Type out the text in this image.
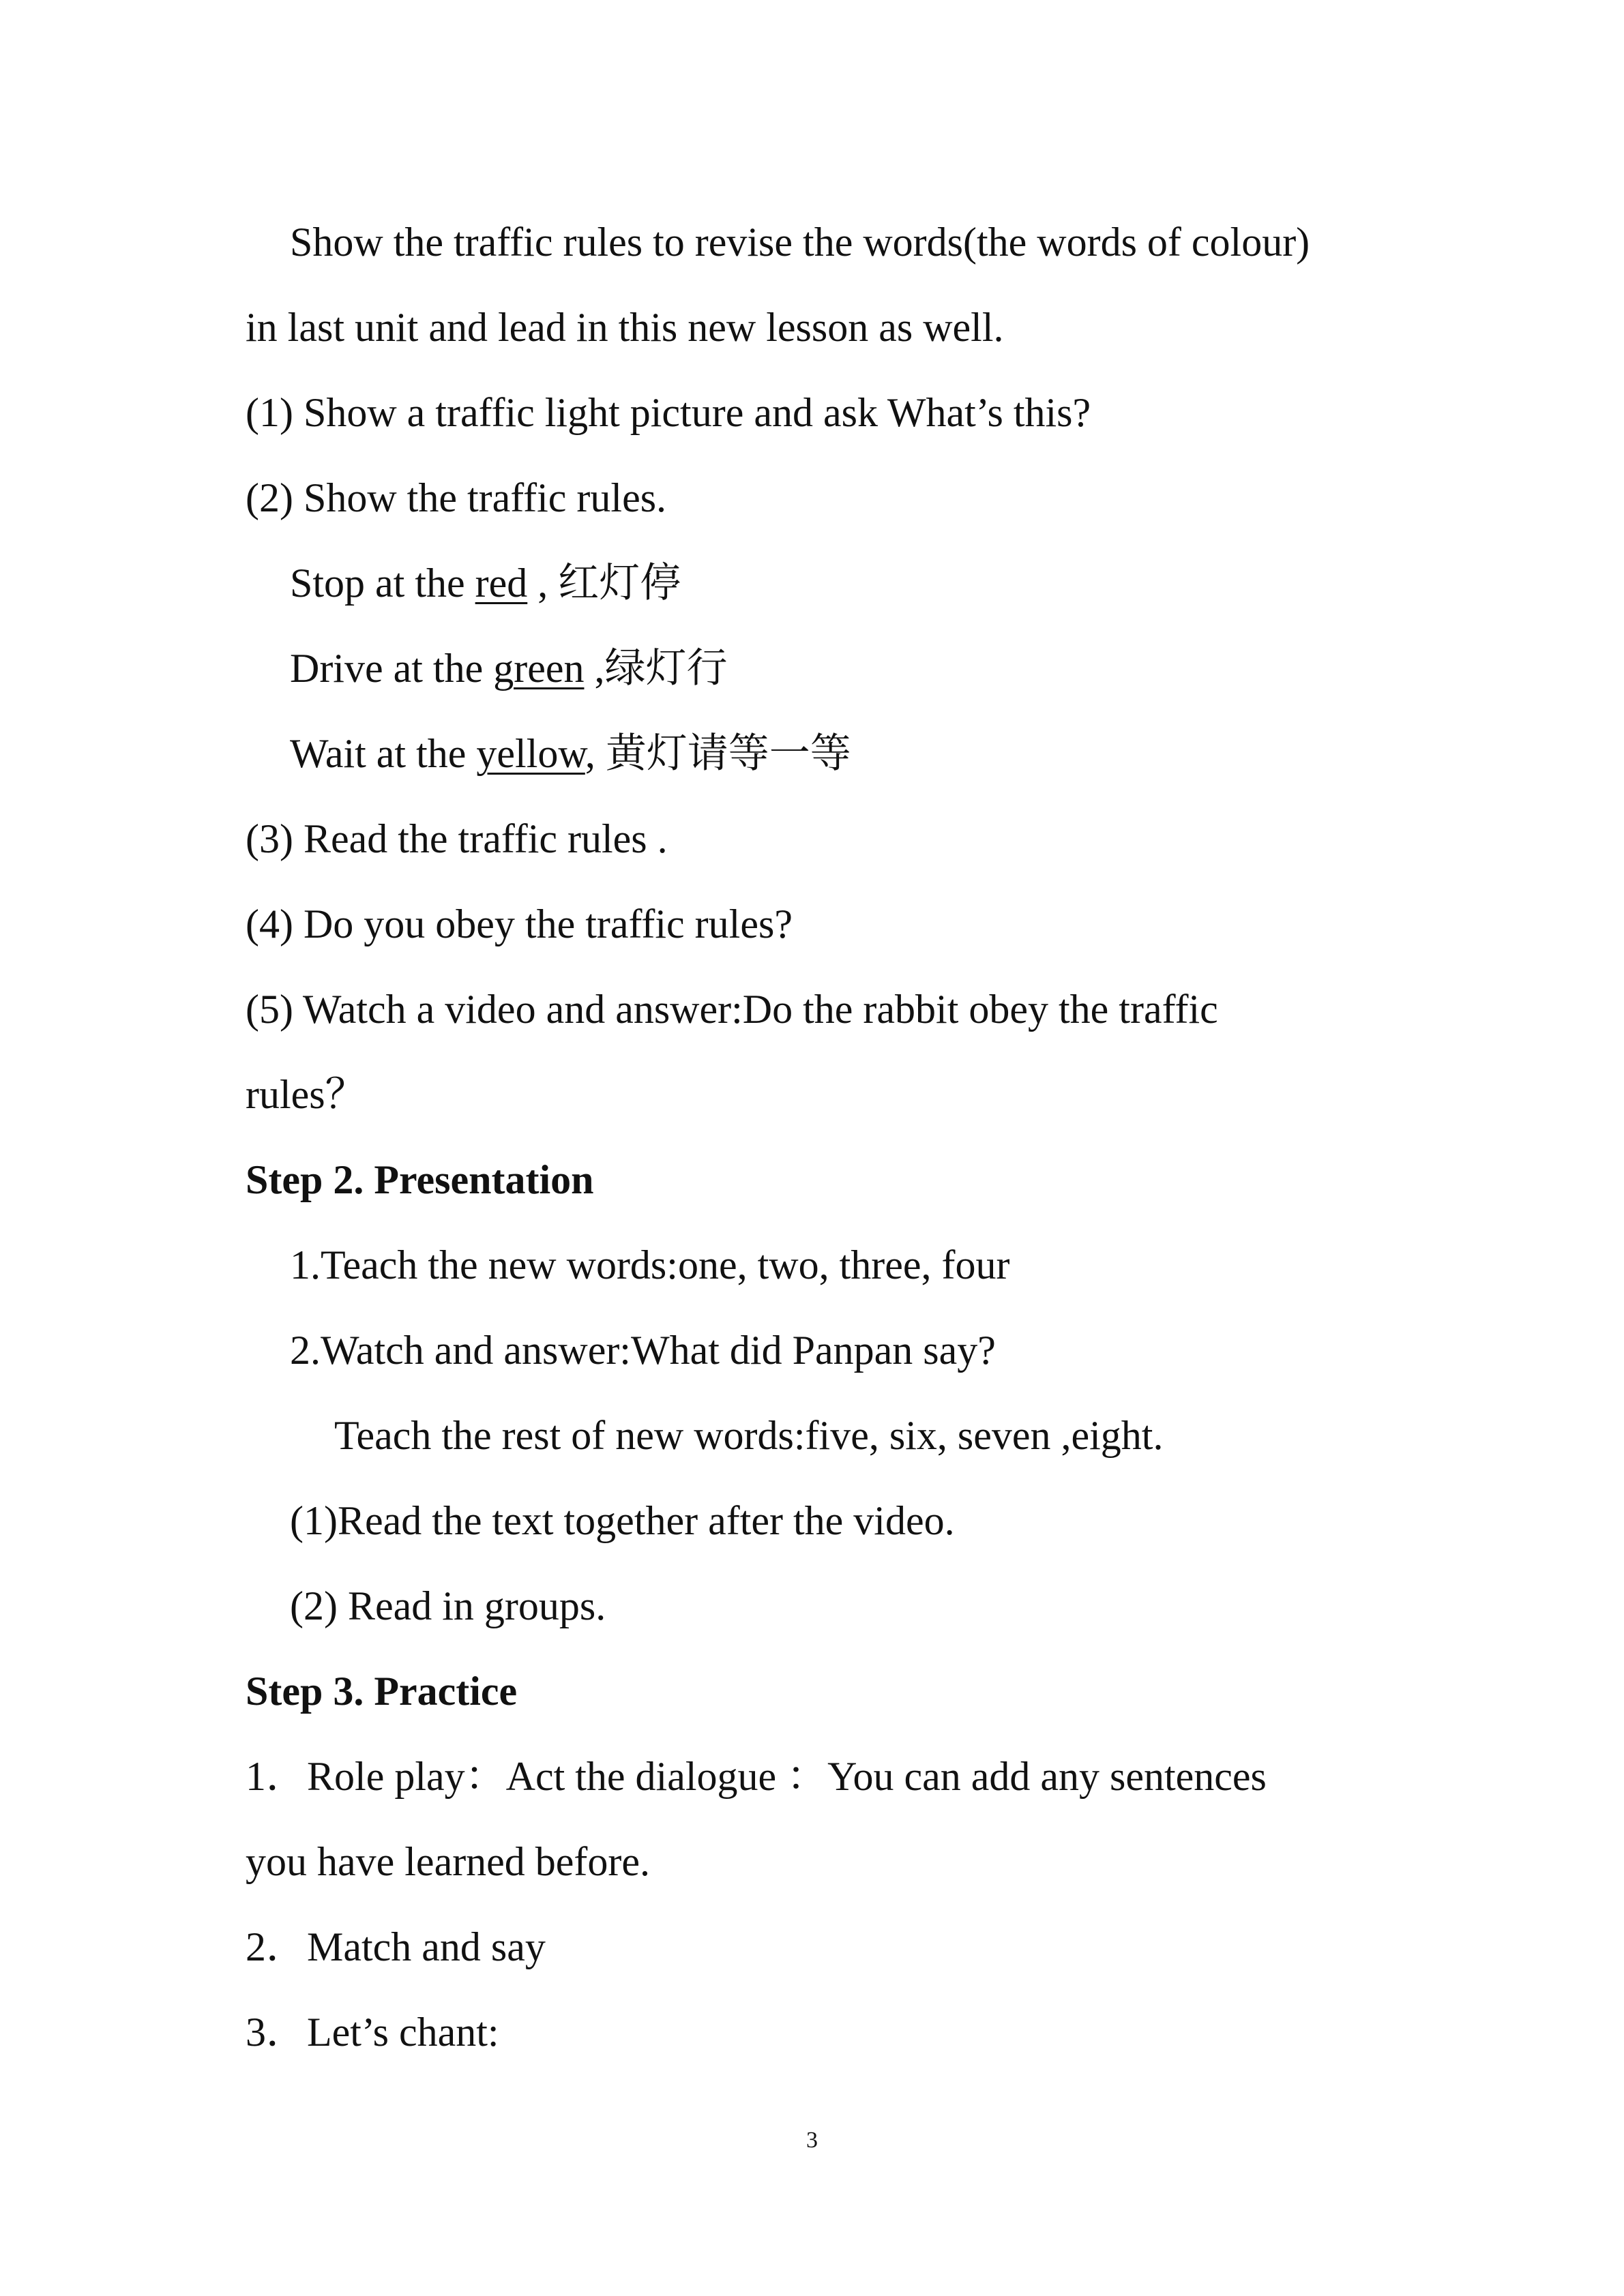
Show the traffic rules to revise the words(the words of colour)
in last unit and lead in this new lesson as well.
(1) Show a traffic light picture and ask What’s this?
(2) Show the traffic rules.
Stop at the red , 红灯停
Drive at the green ,绿灯行
Wait at the yellow, 黄灯请等一等
(3) Read the traffic rules .
(4) Do you obey the traffic rules?
(5) Watch a video and answer:Do the rabbit obey the traffic
rules？
Step 2. Presentation
1.Teach the new words:one, two, three, four
2.Watch and answer:What did Panpan say?
Teach the rest of new words:five, six, seven ,eight.
(1)Read the text together after the video.
(2) Read in groups.
Step 3. Practice
1．Role play：Act the dialogue ：You can add any sentences
you have learned before.
2．Match and say
3．Let’s chant:
3
